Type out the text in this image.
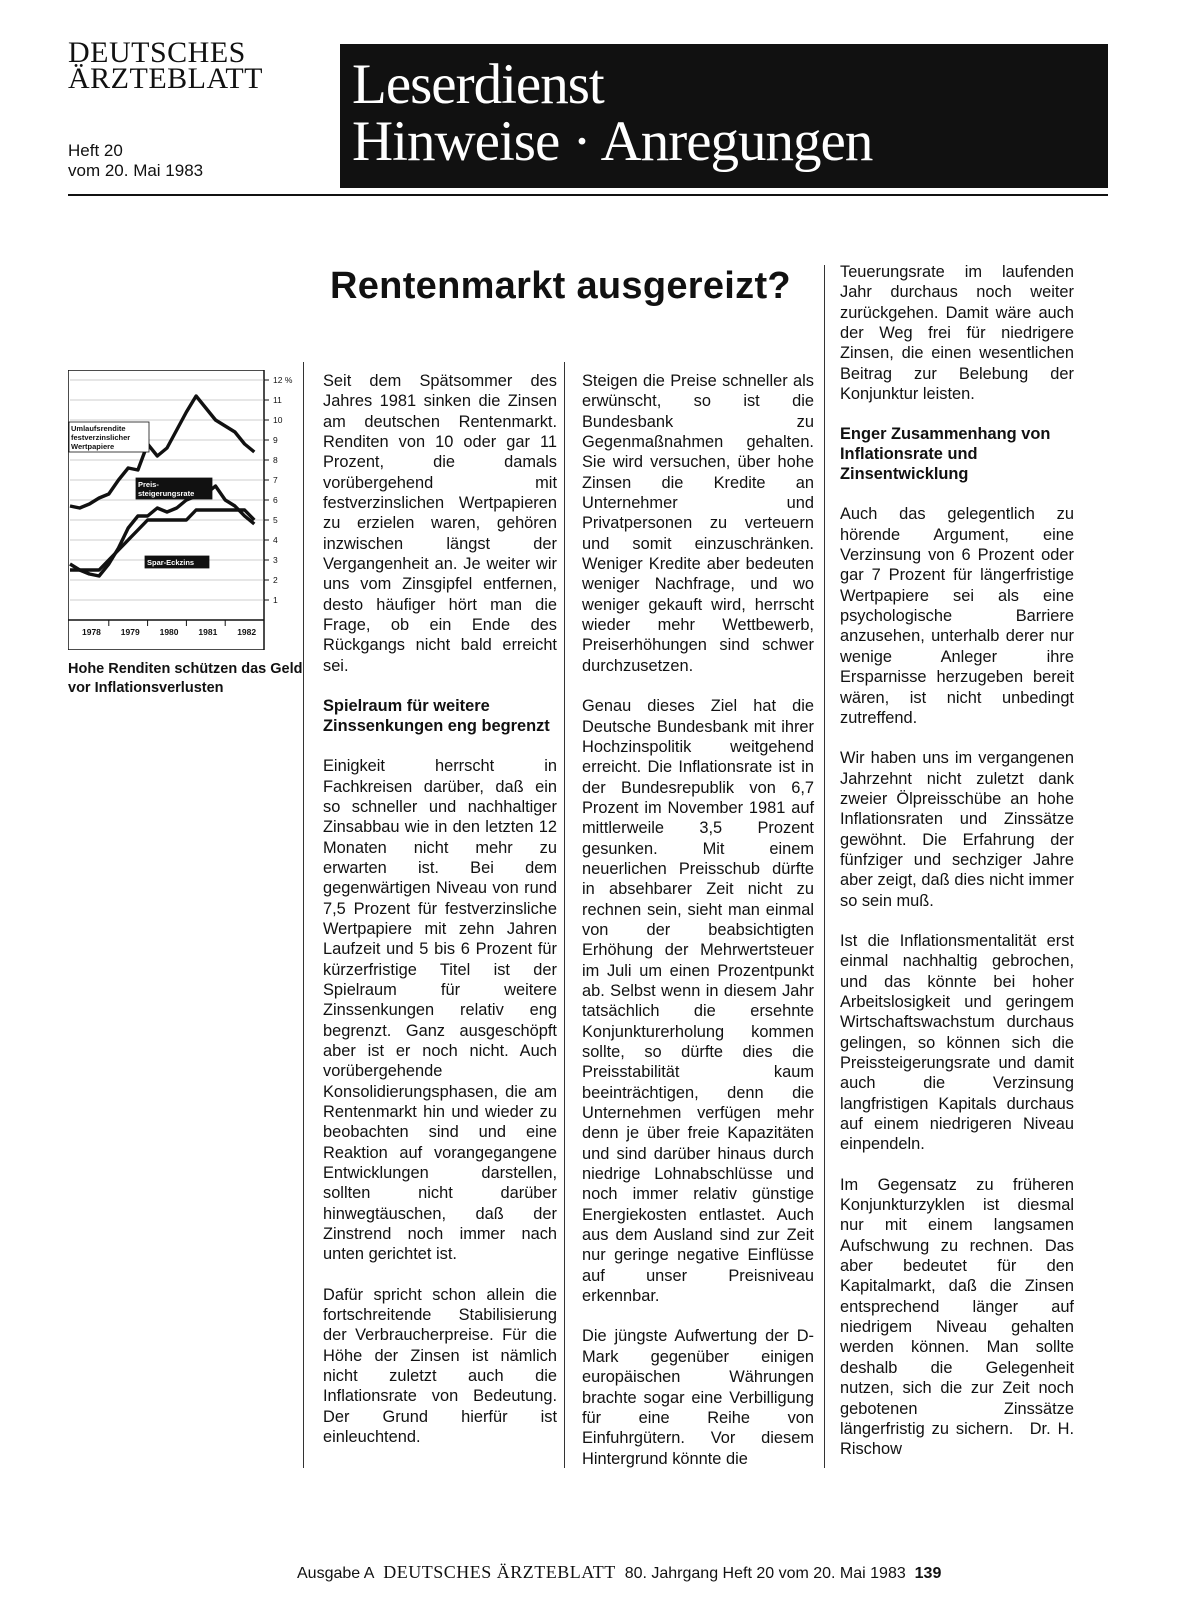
DEUTSCHES
ÄRZTEBLATT
Heft 20
vom 20. Mai 1983
Leserdienst
Hinweise · Anregungen
Rentenmarkt ausgereizt?
1
2
3
4
5
6
7
8
9
10
11
12 %
1978 1979 1980 1981 1982
Umlaufsrendite
festverzinslicher
Wertpapiere
Preis-
steigerungsrate
Spar-Eckzins
Hohe Renditen schützen das Geld vor Inflationsverlusten

Seit dem Spätsommer des Jahres 1981 sinken die Zinsen am deutschen Rentenmarkt. Renditen von 10 oder gar 11 Prozent, die damals vorübergehend mit festverzinslichen Wertpapieren zu erzielen waren, gehören inzwischen längst der Vergangenheit an. Je weiter wir uns vom Zinsgipfel entfernen, desto häufiger hört man die Frage, ob ein Ende des Rückgangs nicht bald erreicht sei.

Spielraum für weitere Zinssenkungen eng begrenzt

Einigkeit herrscht in Fachkreisen darüber, daß ein so schneller und nachhaltiger Zinsabbau wie in den letzten 12 Monaten nicht mehr zu erwarten ist. Bei dem gegenwärtigen Niveau von rund 7,5 Prozent für festverzinsliche Wertpapiere mit zehn Jahren Laufzeit und 5 bis 6 Prozent für kürzerfristige Titel ist der Spielraum für weitere Zinssenkungen relativ eng begrenzt. Ganz ausgeschöpft aber ist er noch nicht. Auch vorübergehende Konsolidierungsphasen, die am Rentenmarkt hin und wieder zu beobachten sind und eine Reaktion auf vorangegangene Entwicklungen darstellen, sollten nicht darüber hinwegtäuschen, daß der Zinstrend noch immer nach unten gerichtet ist.

Dafür spricht schon allein die fortschreitende Stabilisierung der Verbraucherpreise. Für die Höhe der Zinsen ist nämlich nicht zuletzt auch die Inflationsrate von Bedeutung. Der Grund hierfür ist einleuchtend.

Steigen die Preise schneller als erwünscht, so ist die Bundesbank zu Gegenmaßnahmen gehalten. Sie wird versuchen, über hohe Zinsen die Kredite an Unternehmer und Privatpersonen zu verteuern und somit einzuschränken. Weniger Kredite aber bedeuten weniger Nachfrage, und wo weniger gekauft wird, herrscht wieder mehr Wettbewerb, Preiserhöhungen sind schwer durchzusetzen.

Genau dieses Ziel hat die Deutsche Bundesbank mit ihrer Hochzinspolitik weitgehend erreicht. Die Inflationsrate ist in der Bundesrepublik von 6,7 Prozent im November 1981 auf mittlerweile 3,5 Prozent gesunken. Mit einem neuerlichen Preisschub dürfte in absehbarer Zeit nicht zu rechnen sein, sieht man einmal von der beabsichtigten Erhöhung der Mehrwertsteuer im Juli um einen Prozentpunkt ab. Selbst wenn in diesem Jahr tatsächlich die ersehnte Konjunkturerholung kommen sollte, so dürfte dies die Preisstabilität kaum beeinträchtigen, denn die Unternehmen verfügen mehr denn je über freie Kapazitäten und sind darüber hinaus durch niedrige Lohnabschlüsse und noch immer relativ günstige Energiekosten entlastet. Auch aus dem Ausland sind zur Zeit nur geringe negative Einflüsse auf unser Preisniveau erkennbar.

Die jüngste Aufwertung der D-Mark gegenüber einigen europäischen Währungen brachte sogar eine Verbilligung für eine Reihe von Einfuhrgütern. Vor diesem Hintergrund könnte die

Teuerungsrate im laufenden Jahr durchaus noch weiter zurückgehen. Damit wäre auch der Weg frei für niedrigere Zinsen, die einen wesentlichen Beitrag zur Belebung der Konjunktur leisten.

Enger Zusammenhang von Inflationsrate und Zinsentwicklung

Auch das gelegentlich zu hörende Argument, eine Verzinsung von 6 Prozent oder gar 7 Prozent für längerfristige Wertpapiere sei als eine psychologische Barriere anzusehen, unterhalb derer nur wenige Anleger ihre Ersparnisse herzugeben bereit wären, ist nicht unbedingt zutreffend.

Wir haben uns im vergangenen Jahrzehnt nicht zuletzt dank zweier Ölpreisschübe an hohe Inflationsraten und Zinssätze gewöhnt. Die Erfahrung der fünfziger und sechziger Jahre aber zeigt, daß dies nicht immer so sein muß.

Ist die Inflationsmentalität erst einmal nachhaltig gebrochen, und das könnte bei hoher Arbeitslosigkeit und geringem Wirtschaftswachstum durchaus gelingen, so können sich die Preissteigerungsrate und damit auch die Verzinsung langfristigen Kapitals durchaus auf einem niedrigeren Niveau einpendeln.

Im Gegensatz zu früheren Konjunkturzyklen ist diesmal nur mit einem langsamen Aufschwung zu rechnen. Das aber bedeutet für den Kapitalmarkt, daß die Zinsen entsprechend länger auf niedrigem Niveau gehalten werden können. Man sollte deshalb die Gelegenheit nutzen, sich die zur Zeit noch gebotenen Zinssätze längerfristig zu sichern.  Dr. H. Rischow

Ausgabe A DEUTSCHES ÄRZTEBLATT 80. Jahrgang Heft 20 vom 20. Mai 1983 139
